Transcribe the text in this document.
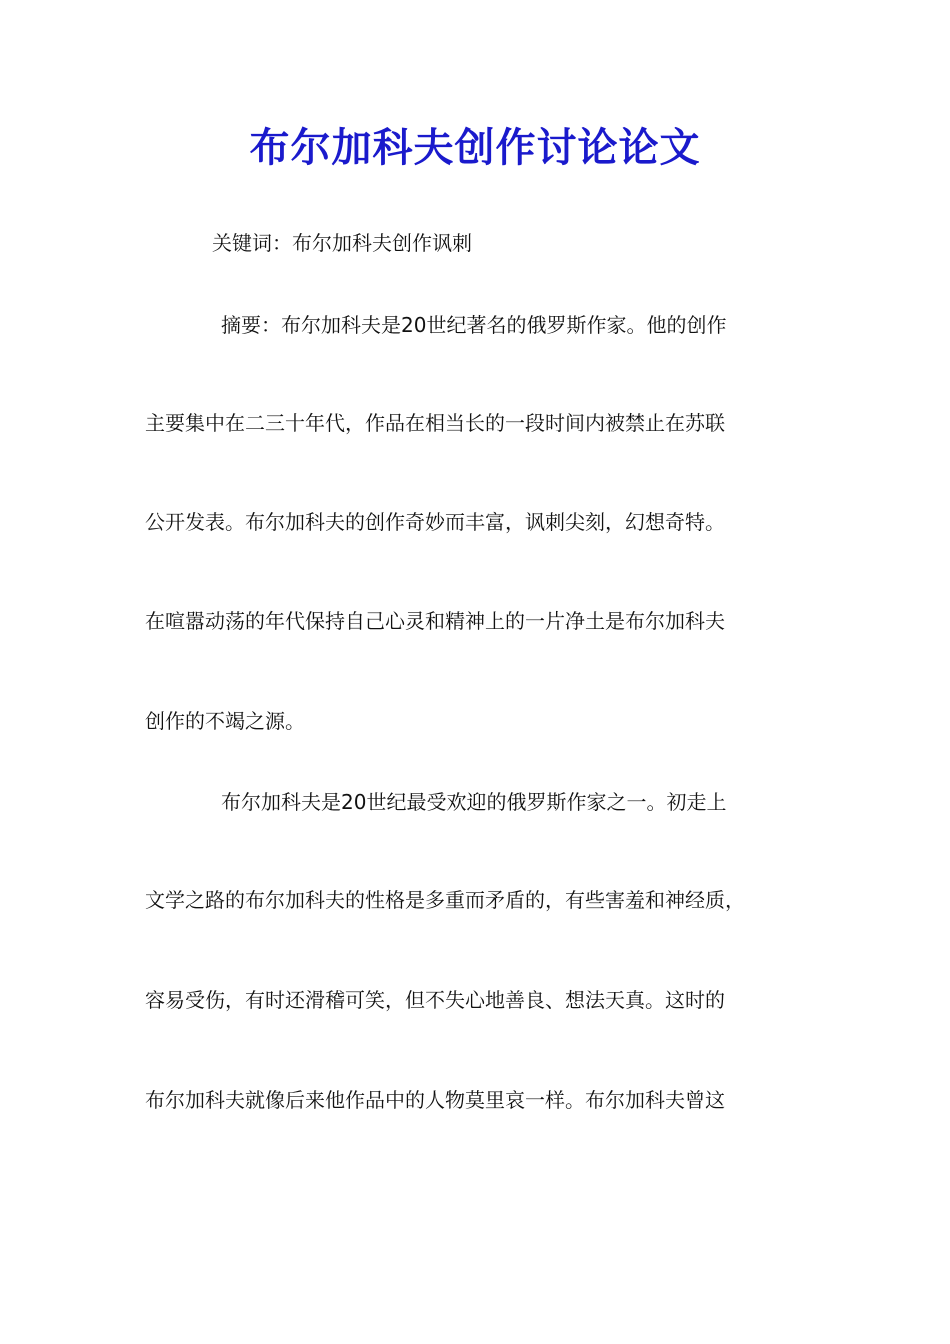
布尔加科夫创作讨论论文
关键词：布尔加科夫创作讽刺
摘要：布尔加科夫是20世纪著名的俄罗斯作家。他的创作
主要集中在二三十年代，作品在相当长的一段时间内被禁止在苏联
公开发表。布尔加科夫的创作奇妙而丰富，讽刺尖刻，幻想奇特。
在喧嚣动荡的年代保持自己心灵和精神上的一片净土是布尔加科夫
创作的不竭之源。
布尔加科夫是20世纪最受欢迎的俄罗斯作家之一。初走上
文学之路的布尔加科夫的性格是多重而矛盾的，有些害羞和神经质，
容易受伤，有时还滑稽可笑，但不失心地善良、想法天真。这时的
布尔加科夫就像后来他作品中的人物莫里哀一样。布尔加科夫曾这
